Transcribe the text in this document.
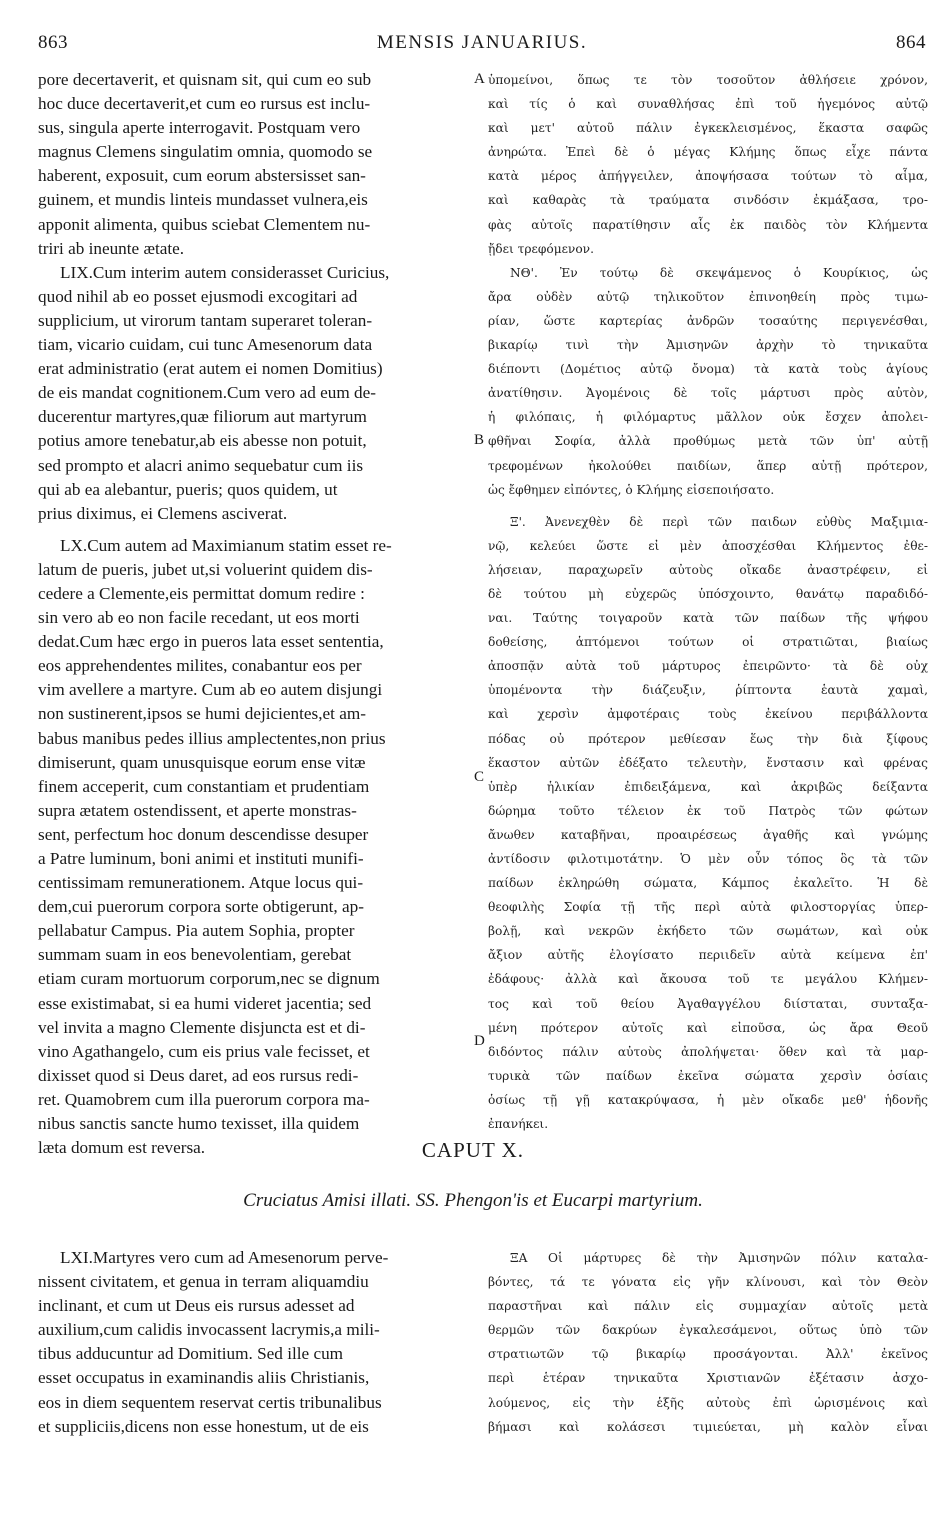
863	MENSIS JANUARIUS.	864
pore decertaverit, et quisnam sit, qui cum eo sub
hoc duce decertaverit,et cum eo rursus est inclu-
sus, singula aperte interrogavit. Postquam vero
magnus Clemens singulatim omnia, quomodo se
haberent, exposuit, cum eorum abstersisset san-
guinem, et mundis linteis mundasset vulnera,eis
apponit alimenta, quibus sciebat Clementem nu-
triri ab ineunte ætate.
LIX.Cum interim autem considerasset Curicius,
quod nihil ab eo posset ejusmodi excogitari ad
supplicium, ut virorum tantam superaret toleran-
tiam, vicario cuidam, cui tunc Amesenorum data
erat administratio (erat autem ei nomen Domitius)
de eis mandat cognitionem.Cum vero ad eum de-
ducerentur martyres,quæ filiorum aut martyrum
potius amore tenebatur,ab eis abesse non potuit,
sed prompto et alacri animo sequebatur cum iis
qui ab ea alebantur, pueris; quos quidem, ut
prius diximus, ei Clemens asciverat.
LX.Cum autem ad Maximianum statim esset re-
latum de pueris, jubet ut,si voluerint quidem dis-
cedere a Clemente,eis permittat domum redire :
sin vero ab eo non facile recedant, ut eos morti
dedat.Cum hæc ergo in pueros lata esset sententia,
eos apprehendentes milites, conabantur eos per
vim avellere a martyre. Cum ab eo autem disjungi
non sustinerent,ipsos se humi dejicientes,et am-
babus manibus pedes illius amplectentes,non prius
dimiserunt, quam unusquisque eorum ense vitæ
finem acceperit, cum constantiam et prudentiam
supra ætatem ostendissent, et aperte monstras-
sent, perfectum hoc donum descendisse desuper
a Patre luminum, boni animi et instituti munifi-
centissimam remunerationem. Atque locus qui-
dem,cui puerorum corpora sorte obtigerunt, ap-
pellabatur Campus. Pia autem Sophia, propter
summam suam in eos benevolentiam, gerebat
etiam curam mortuorum corporum,nec se dignum
esse existimabat, si ea humi videret jacentia; sed
vel invita a magno Clemente disjuncta est et di-
vino Agathangelo, cum eis prius vale fecisset, et
dixisset quod si Deus daret, ad eos rursus redi-
ret. Quamobrem cum illa puerorum corpora ma-
nibus sanctis sancte humo texisset, illa quidem
læta domum est reversa.
ὑπομείνοι, ὅπως τε τὸν τοσοῦτον ἀθλήσειε χρόνον,
καὶ τίς ὁ καὶ συναθλήσας ἐπὶ τοῦ ἡγεμόνος αὐτῷ
καὶ μετ' αὐτοῦ πάλιν ἐγκεκλεισμένος, ἕκαστα σαφῶς
ἀνηρώτα. Ἐπεὶ δὲ ὁ μέγας Κλήμης ὅπως εἶχε πάντα
κατὰ μέρος ἀπήγγειλεν, ἀποψήσασα τούτων τὸ αἷμα,
καὶ καθαρὰς τὰ τραύματα σινδόσιν ἐκμάξασα, τρο-
φὰς αὐτοῖς παρατίθησιν αἷς ἐκ παιδὸς τὸν Κλήμεντα
ᾔδει τρεφόμενον.
ΝΘ'. Ἐν τούτῳ δὲ σκεψάμενος ὁ Κουρίκιος, ὡς
ἄρα οὐδὲν αὐτῷ τηλικοῦτον ἐπινοηθείη πρὸς τιμω-
ρίαν, ὥστε καρτερίας ἀνδρῶν τοσαύτης περιγενέσθαι,
βικαρίῳ τινὶ τὴν Ἀμισηνῶν ἀρχὴν τὸ τηνικαῦτα
διέποντι (Δομέτιος αὐτῷ ὄνομα) τὰ κατὰ τοὺς ἁγίους
ἀνατίθησιν. Ἀγομένοις δὲ τοῖς μάρτυσι πρὸς αὐτὸν,
ἡ φιλόπαις, ἡ φιλόμαρτυς μᾶλλον οὐκ ἔσχεν ἀπολει-
φθῆναι Σοφία, ἀλλὰ προθύμως μετὰ τῶν ὑπ' αὐτῇ
τρεφομένων ἠκολούθει παιδίων, ἅπερ αὐτῇ πρότερον,
ὡς ἔφθημεν εἰπόντες, ὁ Κλήμης εἰσεποιήσατο.
Ξ'. Ἀνενεχθὲν δὲ περὶ τῶν παιδων εὐθὺς Μαξιμια-
νῷ, κελεύει ὥστε εἰ μὲν ἀποσχέσθαι Κλήμεντος ἐθε-
λήσειαν, παραχωρεῖν αὐτοὺς οἴκαδε ἀναστρέφειν, εἰ
δὲ τούτου μὴ εὐχερῶς ὑπόσχοιντο, θανάτῳ παραδιδό-
ναι. Ταύτης τοιγαροῦν κατὰ τῶν παίδων τῆς ψήφου
δοθείσης, ἁπτόμενοι τούτων οἱ στρατιῶται, βιαίως
ἀποσπᾷν αὐτὰ τοῦ μάρτυρος ἐπειρῶντο· τὰ δὲ οὐχ
ὑπομένοντα τὴν διάζευξιν, ῥίπτοντα ἑαυτὰ χαμαὶ,
καὶ χερσὶν ἀμφοτέραις τοὺς ἐκείνου περιβάλλοντα
πόδας οὐ πρότερον μεθίεσαν ἕως τὴν διὰ ξίφους
ἕκαστον αὐτῶν ἐδέξατο τελευτὴν, ἔνστασιν καὶ φρένας
ὑπὲρ ἡλικίαν ἐπιδειξάμενα, καὶ ἀκριβῶς δείξαντα
δώρημα τοῦτο τέλειον ἐκ τοῦ Πατρὸς τῶν φώτων
ἄνωθεν καταβῆναι, προαιρέσεως ἀγαθῆς καὶ γνώμης
ἀντίδοσιν φιλοτιμοτάτην. Ὁ μὲν οὖν τόπος ὃς τὰ τῶν
παίδων ἐκληρώθη σώματα, Κάμπος ἐκαλεῖτο. Ἡ δὲ
θεοφιλὴς Σοφία τῇ τῆς περὶ αὐτὰ φιλοστοργίας ὑπερ-
βολῇ, καὶ νεκρῶν ἐκήδετο τῶν σωμάτων, καὶ οὐκ
ἄξιον αὐτῆς ἐλογίσατο περιιδεῖν αὐτὰ κείμενα ἐπ'
ἐδάφους· ἀλλὰ καὶ ἄκουσα τοῦ τε μεγάλου Κλήμεν-
τος καὶ τοῦ θείου Ἀγαθαγγέλου διίσταται, συνταξα-
μένη πρότερον αὐτοῖς καὶ εἰποῦσα, ὡς ἄρα Θεοῦ
διδόντος πάλιν αὐτοὺς ἀπολήψεται· ὅθεν καὶ τὰ μαρ-
τυρικὰ τῶν παίδων ἐκεῖνα σώματα χερσὶν ὁσίαις
ὁσίως τῇ γῇ κατακρύψασα, ἡ μὲν οἴκαδε μεθ' ἡδονῆς
ἐπανήκει.
A
B
C
D
CAPUT X.
Cruciatus Amisi illati. SS. Phengon'is et Eucarpi martyrium.
LXI.Martyres vero cum ad Amesenorum perve-
nissent civitatem, et genua in terram aliquamdiu
inclinant, et cum ut Deus eis rursus adesset ad
auxilium,cum calidis invocassent lacrymis,a mili-
tibus adducuntur ad Domitium. Sed ille cum
esset occupatus in examinandis aliis Christianis,
eos in diem sequentem reservat certis tribunalibus
et suppliciis,dicens non esse honestum, ut de eis
ΞΑ Οἱ μάρτυρες δὲ τὴν Ἀμισηνῶν πόλιν καταλα-
βόντες, τά τε γόνατα εἰς γῆν κλίνουσι, καὶ τὸν Θεὸν
παραστῆναι καὶ πάλιν εἰς συμμαχίαν αὐτοῖς μετὰ
θερμῶν τῶν δακρύων ἐγκαλεσάμενοι, οὕτως ὑπὸ τῶν
στρατιωτῶν τῷ βικαρίῳ προσάγονται. Ἀλλ' ἐκεῖνος
περὶ ἑτέραν τηνικαῦτα Χριστιανῶν ἐξέτασιν ἀσχο-
λούμενος, εἰς τὴν ἑξῆς αὐτοὺς ἐπὶ ὡρισμένοις καὶ
βήμασι καὶ κολάσεσι τιμιεύεται, μὴ καλὸν εἶναι
